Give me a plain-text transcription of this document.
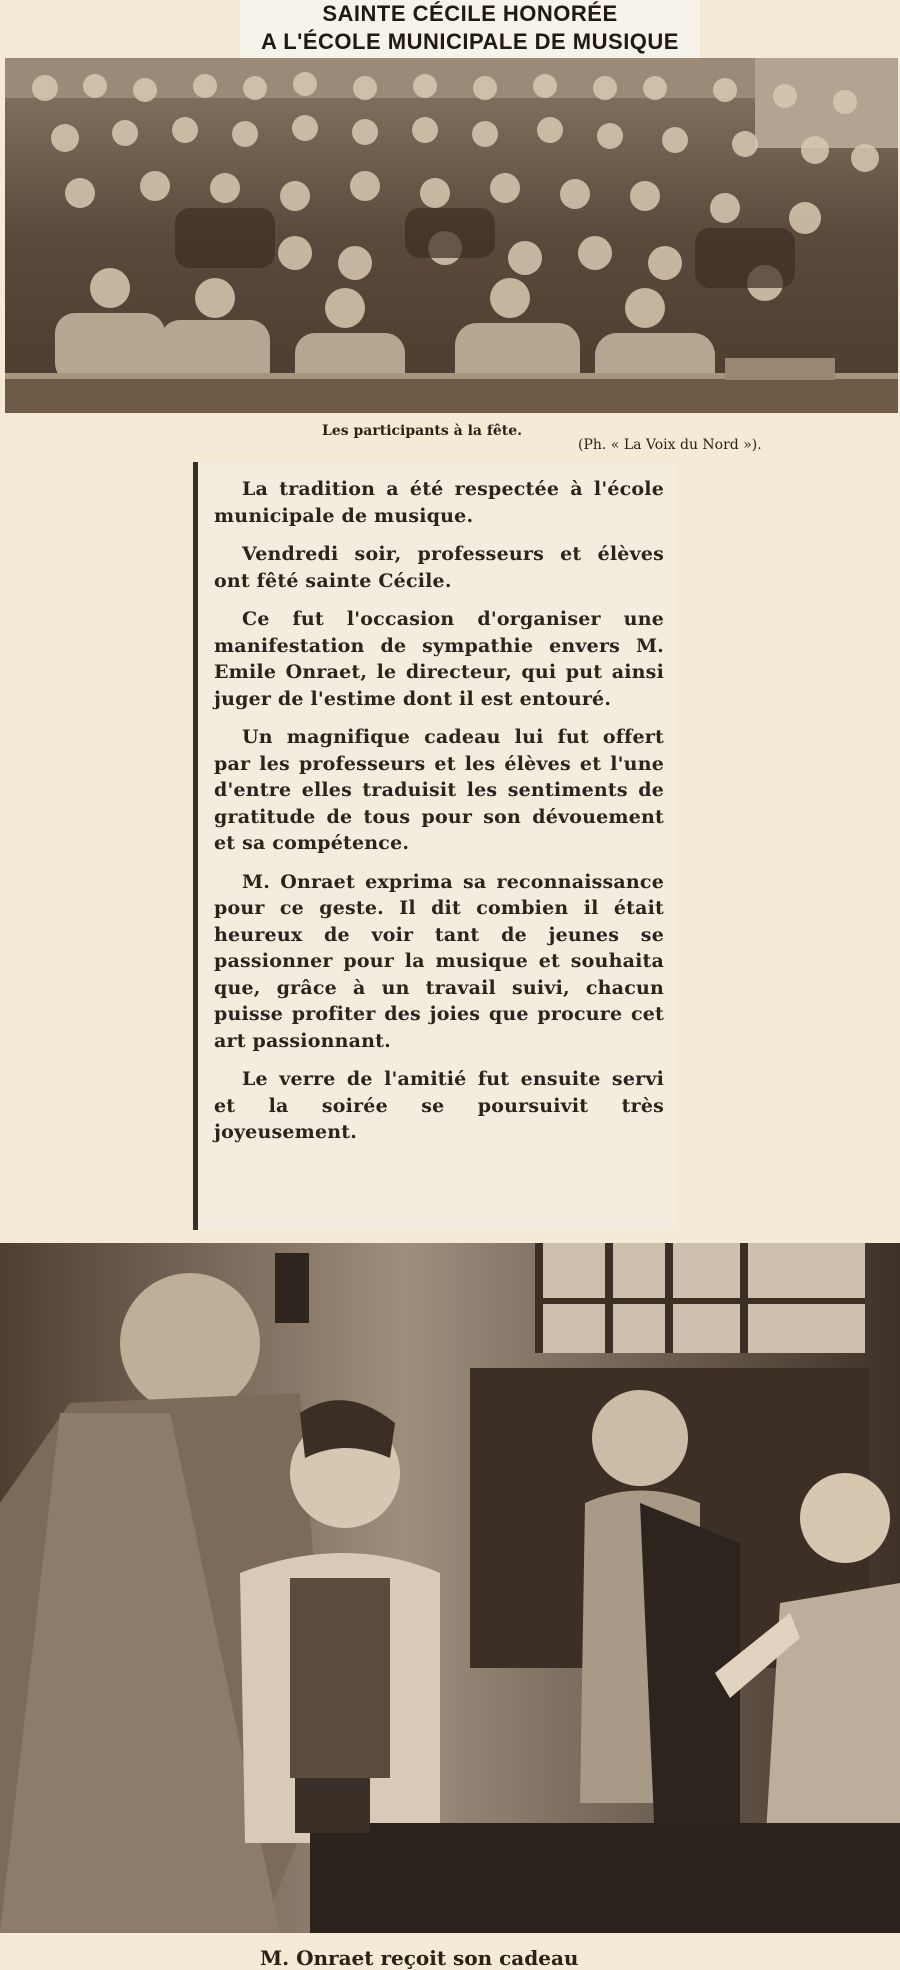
SAINTE CÉCILE HONORÉE
A L'ÉCOLE MUNICIPALE DE MUSIQUE
Les participants à la fête.
(Ph. « La Voix du Nord »).

La tradition a été respectée à l'école municipale de musique.

Vendredi soir, professeurs et élèves ont fêté sainte Cécile.

Ce fut l'occasion d'organiser une manifestation de sympathie envers M. Emile Onraet, le directeur, qui put ainsi juger de l'estime dont il est entouré.

Un magnifique cadeau lui fut offert par les professeurs et les élèves et l'une d'entre elles traduisit les sentiments de gratitude de tous pour son dévouement et sa compétence.

M. Onraet exprima sa reconnaissance pour ce geste. Il dit combien il était heureux de voir tant de jeunes se passionner pour la musique et souhaita que, grâce à un travail suivi, chacun puisse profiter des joies que procure cet art passionnant.

Le verre de l'amitié fut ensuite servi et la soirée se poursuivit très joyeusement.

M. Onraet reçoit son cadeau
